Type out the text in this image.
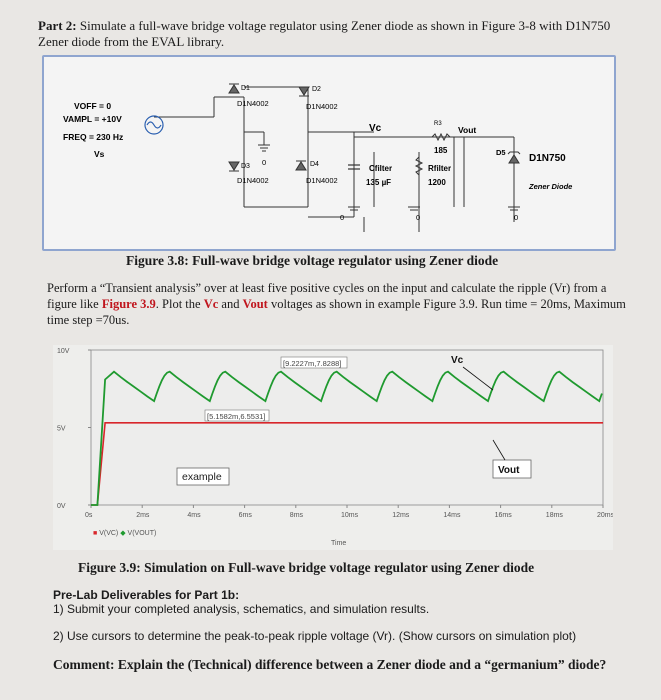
Part 2: Simulate a full-wave bridge voltage regulator using Zener diode as shown in Figure 3-8 with D1N750 Zener diode from the EVAL library.
VOFF = 0
VAMPL = +10V
FREQ = 230 Hz
Vs
D1
D1N4002
D2
D1N4002
0
D3
D1N4002
D4
D1N4002
Vc	R3
185
Vout
Cfilter
135 µF
Rfilter
1200
D5
D1N750
Zener Diode
0	0	0
Figure 3.8: Full-wave bridge voltage regulator using Zener diode
Perform a “Transient analysis” over at least five positive cycles on the input and calculate the ripple (Vr) from a figure like Figure 3.9. Plot the Vc and Vout voltages as shown in example Figure 3.9. Run time = 20ms, Maximum time step =70us.
0s	2ms	4ms	6ms	8ms	10ms	12ms	14ms	16ms	18ms	20ms
10V
5V
0V
[9.2227m,7.8288]
[5.1582m,6.5531]
Vc
example
Vout
■ V(VC) ◆ V(VOUT)
Time
Figure 3.9: Simulation on Full-wave bridge voltage regulator using Zener diode
Pre-Lab Deliverables for Part 1b:
1) Submit your completed analysis, schematics, and simulation results.
2) Use cursors to determine the peak-to-peak ripple voltage (Vr). (Show cursors on simulation plot)
Comment: Explain the (Technical) difference between a Zener diode and a “germanium” diode?
